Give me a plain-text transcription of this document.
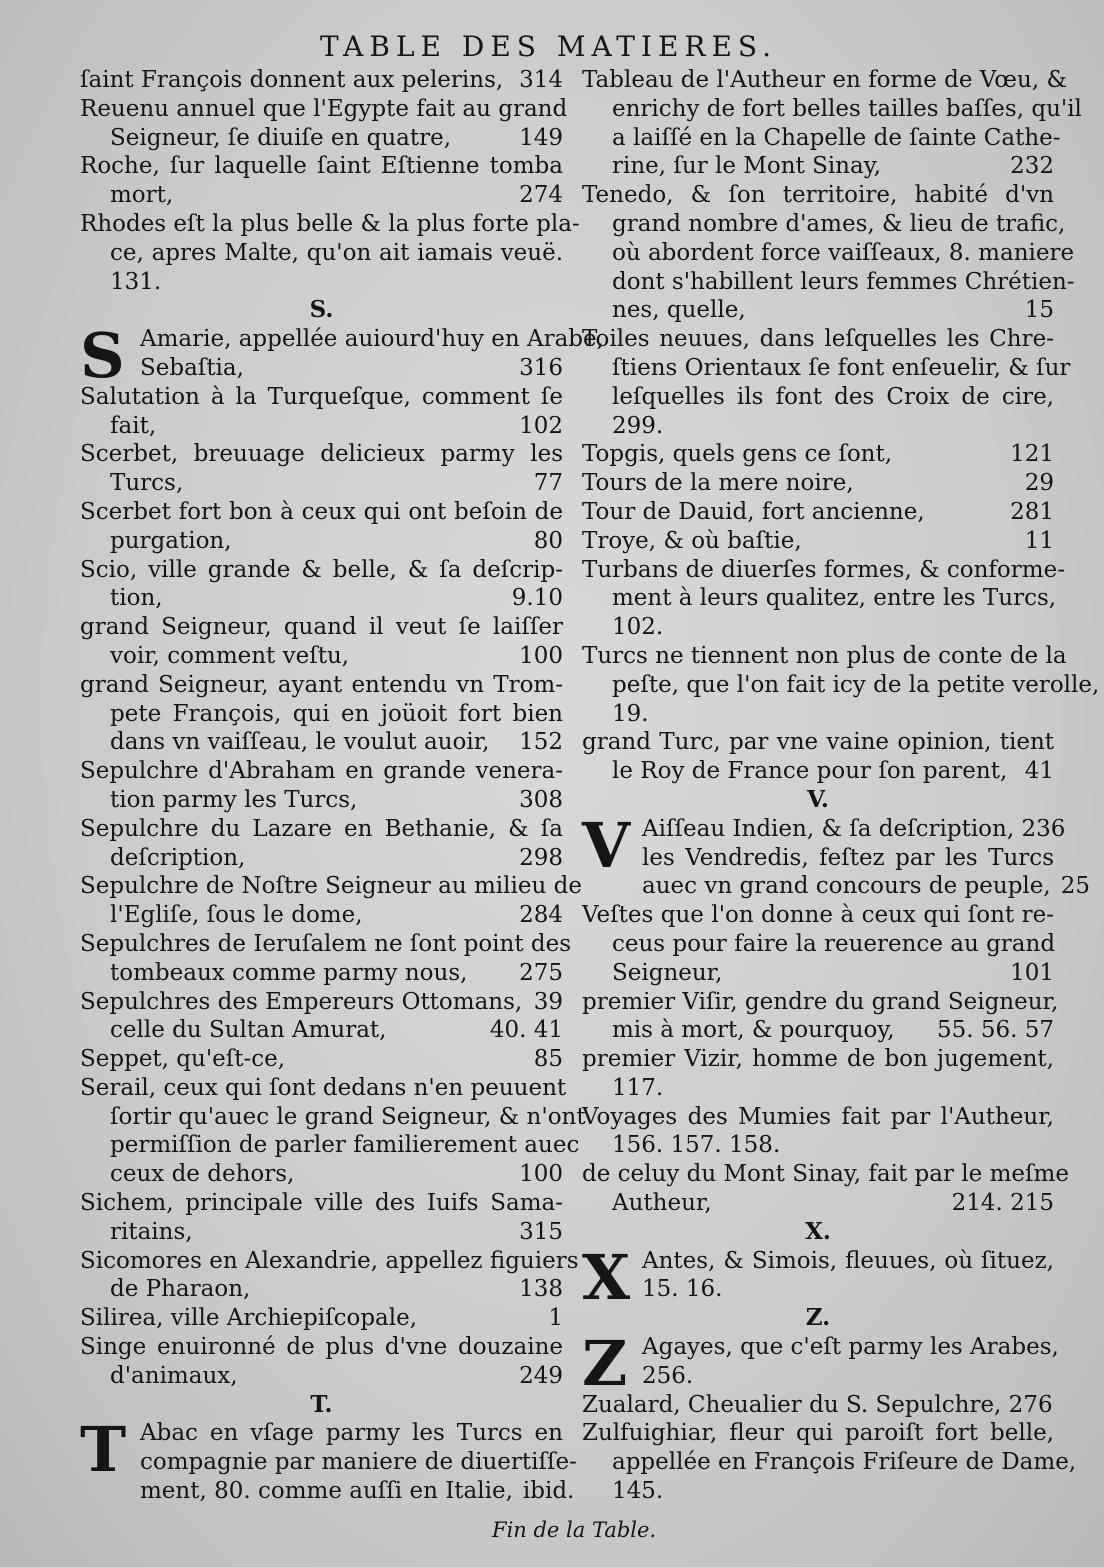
TABLE DES MATIERES.
ſaint François donnent aux pelerins, 314
Reuenu annuel que l'Egypte fait au grand
Seigneur, ſe diuiſe en quatre,	149
Roche, ſur laquelle ſaint Eſtienne tomba
mort,	274
Rhodes eſt la plus belle & la plus forte pla-
ce, apres Malte, qu'on ait iamais veuë.
131.
S.
S Amarie, appellée auiourd'huy en Arabe,
Sebaſtia,	316
Salutation à la Turqueſque, comment ſe
fait,	102
Scerbet, breuuage delicieux parmy les
Turcs,	77
Scerbet fort bon à ceux qui ont beſoin de
purgation,	80
Scio, ville grande & belle, & ſa deſcrip-
tion,	9.10
grand Seigneur, quand il veut ſe laiſſer
voir, comment veſtu,	100
grand Seigneur, ayant entendu vn Trom-
pete François, qui en joüoit fort bien
dans vn vaiſſeau, le voulut auoir,	152
Sepulchre d'Abraham en grande venera-
tion parmy les Turcs,	308
Sepulchre du Lazare en Bethanie, & ſa
deſcription,	298
Sepulchre de Noſtre Seigneur au milieu de
l'Egliſe, ſous le dome,	284
Sepulchres de Ieruſalem ne ſont point des
tombeaux comme parmy nous,	275
Sepulchres des Empereurs Ottomans, 39
celle du Sultan Amurat,	40. 41
Seppet, qu'eſt-ce,	85
Serail, ceux qui ſont dedans n'en peuuent
ſortir qu'auec le grand Seigneur, & n'ont
permiſſion de parler familierement auec
ceux de dehors,	100
Sichem, principale ville des Iuifs Sama-
ritains,	315
Sicomores en Alexandrie, appellez figuiers
de Pharaon,	138
Silirea, ville Archiepiſcopale,	1
Singe enuironné de plus d'vne douzaine
d'animaux,	249
T.
T Abac en vſage parmy les Turcs en
compagnie par maniere de diuertiſſe-
ment, 80. comme auſſi en Italie, ibid.
Tableau de l'Autheur en forme de Vœu, &
enrichy de fort belles tailles baſſes, qu'il
a laiſſé en la Chapelle de ſainte Cathe-
rine, ſur le Mont Sinay,	232
Tenedo, & ſon territoire, habité d'vn
grand nombre d'ames, & lieu de trafic,
où abordent force vaiſſeaux, 8. maniere
dont s'habillent leurs femmes Chrétien-
nes, quelle,	15
Toiles neuues, dans leſquelles les Chre-
ſtiens Orientaux ſe font enſeuelir, & ſur
leſquelles ils font des Croix de cire,
299.
Topgis, quels gens ce ſont,	121
Tours de la mere noire,	29
Tour de Dauid, fort ancienne,	281
Troye, & où baſtie,	11
Turbans de diuerſes formes, & conforme-
ment à leurs qualitez, entre les Turcs,
102.
Turcs ne tiennent non plus de conte de la
peſte, que l'on fait icy de la petite verolle,
19.
grand Turc, par vne vaine opinion, tient
le Roy de France pour ſon parent, 41
V.
V Aiſſeau Indien, & ſa deſcription, 236
les Vendredis, feſtez par les Turcs
auec vn grand concours de peuple, 25
Veſtes que l'on donne à ceux qui ſont re-
ceus pour faire la reuerence au grand
Seigneur,	101
premier Viſir, gendre du grand Seigneur,
mis à mort, & pourquoy,	55. 56. 57
premier Vizir, homme de bon jugement,
117.
Voyages des Mumies fait par l'Autheur,
156. 157. 158.
de celuy du Mont Sinay, fait par le meſme
Autheur,	214. 215
X.
X Antes, & Simois, fleuues, où ſituez,
15. 16.
Z.
Z Agayes, que c'eſt parmy les Arabes,
256.
Zualard, Cheualier du S. Sepulchre, 276
Zulfuighiar, fleur qui paroiſt fort belle,
appellée en François Friſeure de Dame,
145.
Fin de la Table.
